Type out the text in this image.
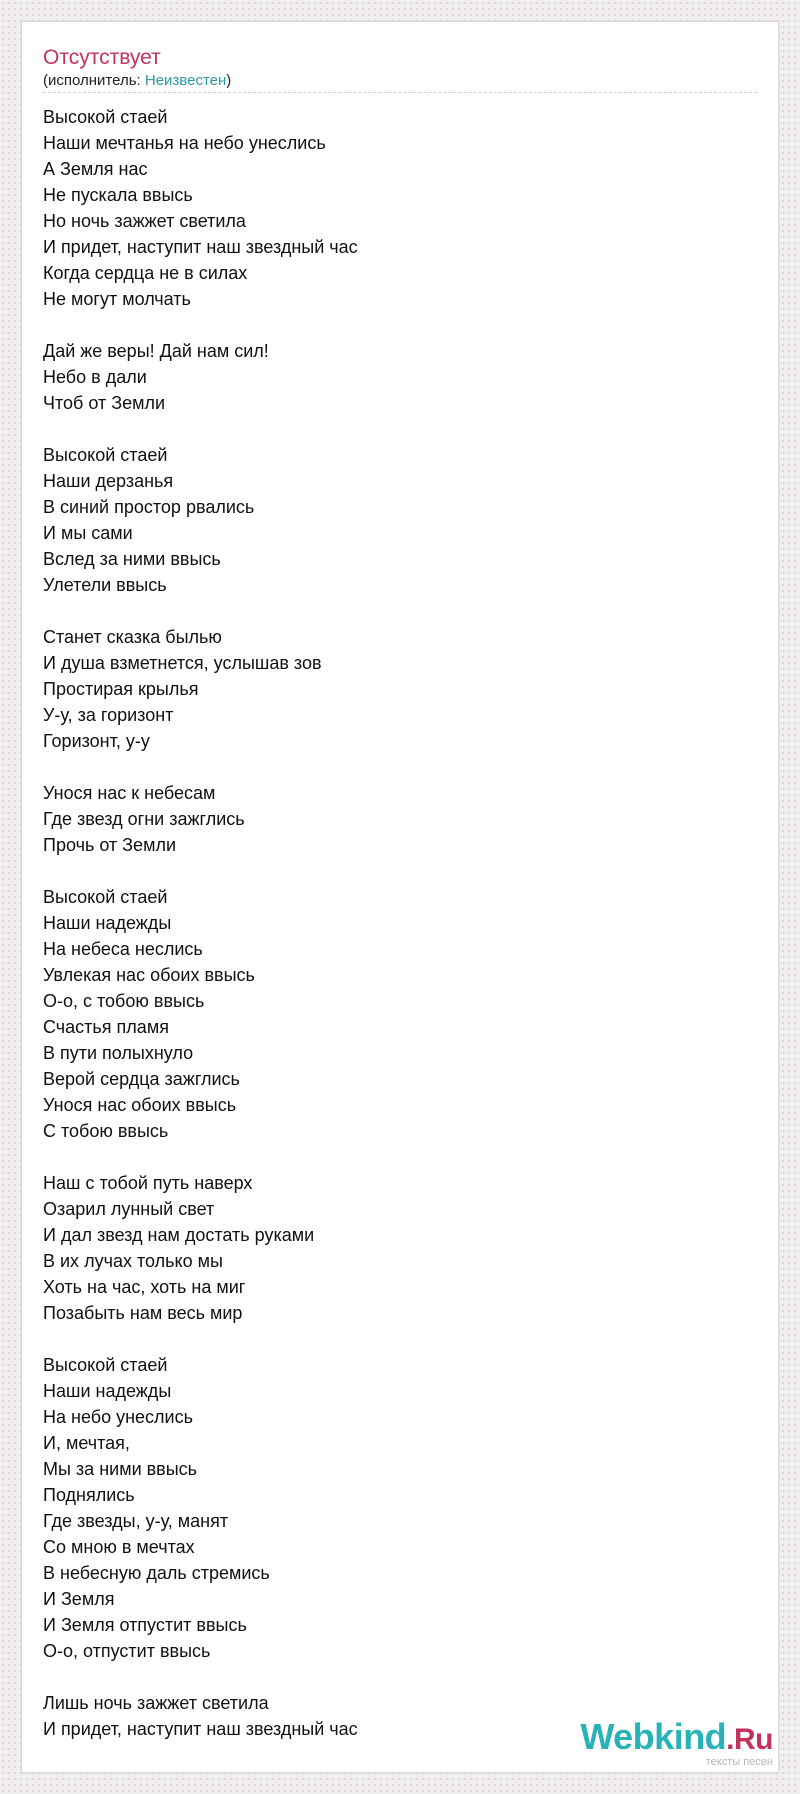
Отсутствует
(исполнитель: Неизвестен)
Высокой стаей
Наши мечтанья на небо унеслись
А Земля нас
Не пускала ввысь
Но ночь зажжет светила
И придет, наступит наш звездный час
Когда сердца не в силах
Не могут молчать
Дай же веры! Дай нам сил!
Небо в дали
Чтоб от Земли
Высокой стаей
Наши дерзанья
В синий простор рвались
И мы сами
Вслед за ними ввысь
Улетели ввысь
Станет сказка былью
И душа взметнется, услышав зов
Простирая крылья
У-у, за горизонт
Горизонт, у-у
Унося нас к небесам
Где звезд огни зажглись
Прочь от Земли
Высокой стаей
Наши надежды
На небеса неслись
Увлекая нас обоих ввысь
О-о, с тобою ввысь
Счастья пламя
В пути полыхнуло
Верой сердца зажглись
Унося нас обоих ввысь
С тобою ввысь
Наш с тобой путь наверх
Озарил лунный свет
И дал звезд нам достать руками
В их лучах только мы
Хоть на час, хоть на миг
Позабыть нам весь мир
Высокой стаей
Наши надежды
На небо унеслись
И, мечтая,
Мы за ними ввысь
Поднялись
Где звезды, у-у, манят
Со мною в мечтах
В небесную даль стремись
И Земля
И Земля отпустит ввысь
О-о, отпустит ввысь
Лишь ночь зажжет светила
И придет, наступит наш звездный час	Webkind.Ru
тексты песен
